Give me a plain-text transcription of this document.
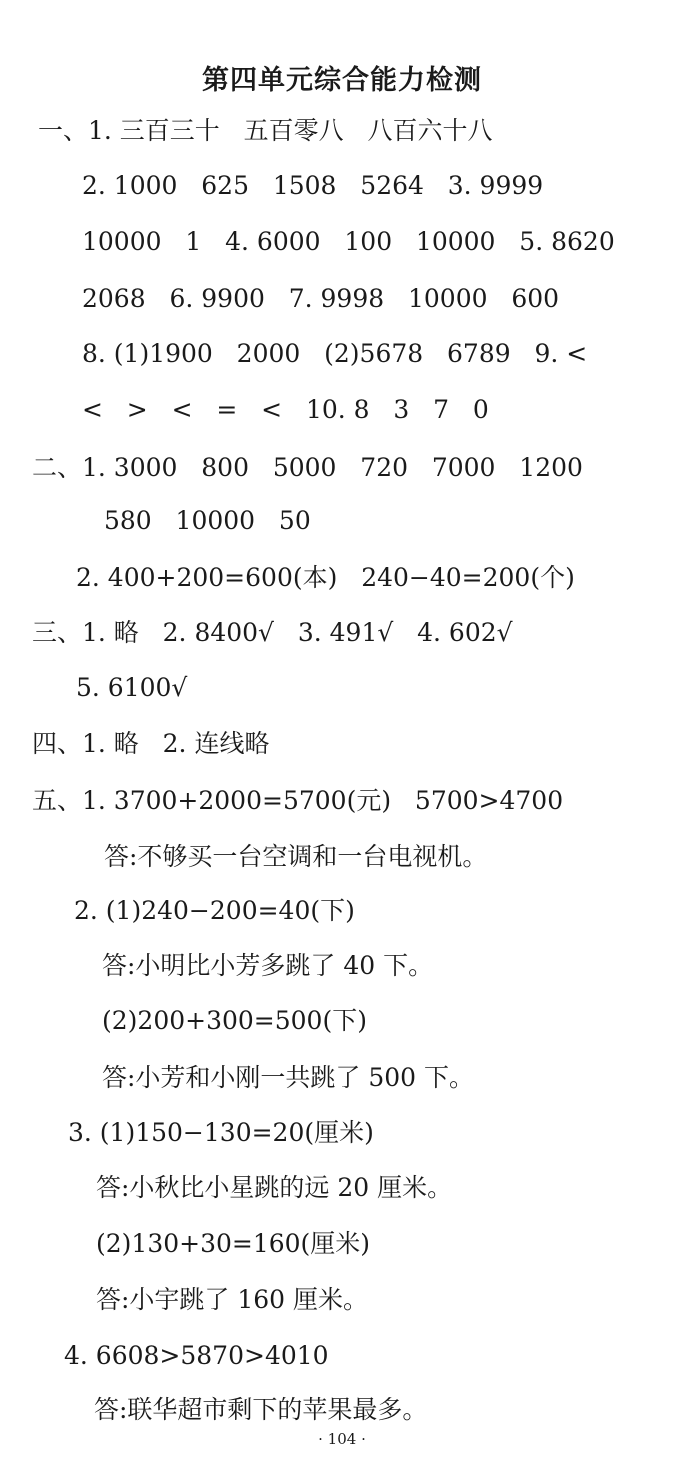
第四单元综合能力检测
一、1. 三百三十   五百零八   八百六十八
2. 1000   625   1508   5264   3. 9999
10000   1   4. 6000   100   10000   5. 8620
2068   6. 9900   7. 9998   10000   600
8. (1)1900   2000   (2)5678   6789   9. <
<   >   <   =   <   10. 8   3   7   0
二、1. 3000   800   5000   720   7000   1200
580   10000   50
2. 400+200=600(本)   240−40=200(个)
三、1. 略   2. 8400√   3. 491√   4. 602√
5. 6100√
四、1. 略   2. 连线略
五、1. 3700+2000=5700(元)   5700>4700
答:不够买一台空调和一台电视机。
2. (1)240−200=40(下)
答:小明比小芳多跳了 40 下。
(2)200+300=500(下)
答:小芳和小刚一共跳了 500 下。
3. (1)150−130=20(厘米)
答:小秋比小星跳的远 20 厘米。
(2)130+30=160(厘米)
答:小宇跳了 160 厘米。
4. 6608>5870>4010
答:联华超市剩下的苹果最多。
· 104 ·
